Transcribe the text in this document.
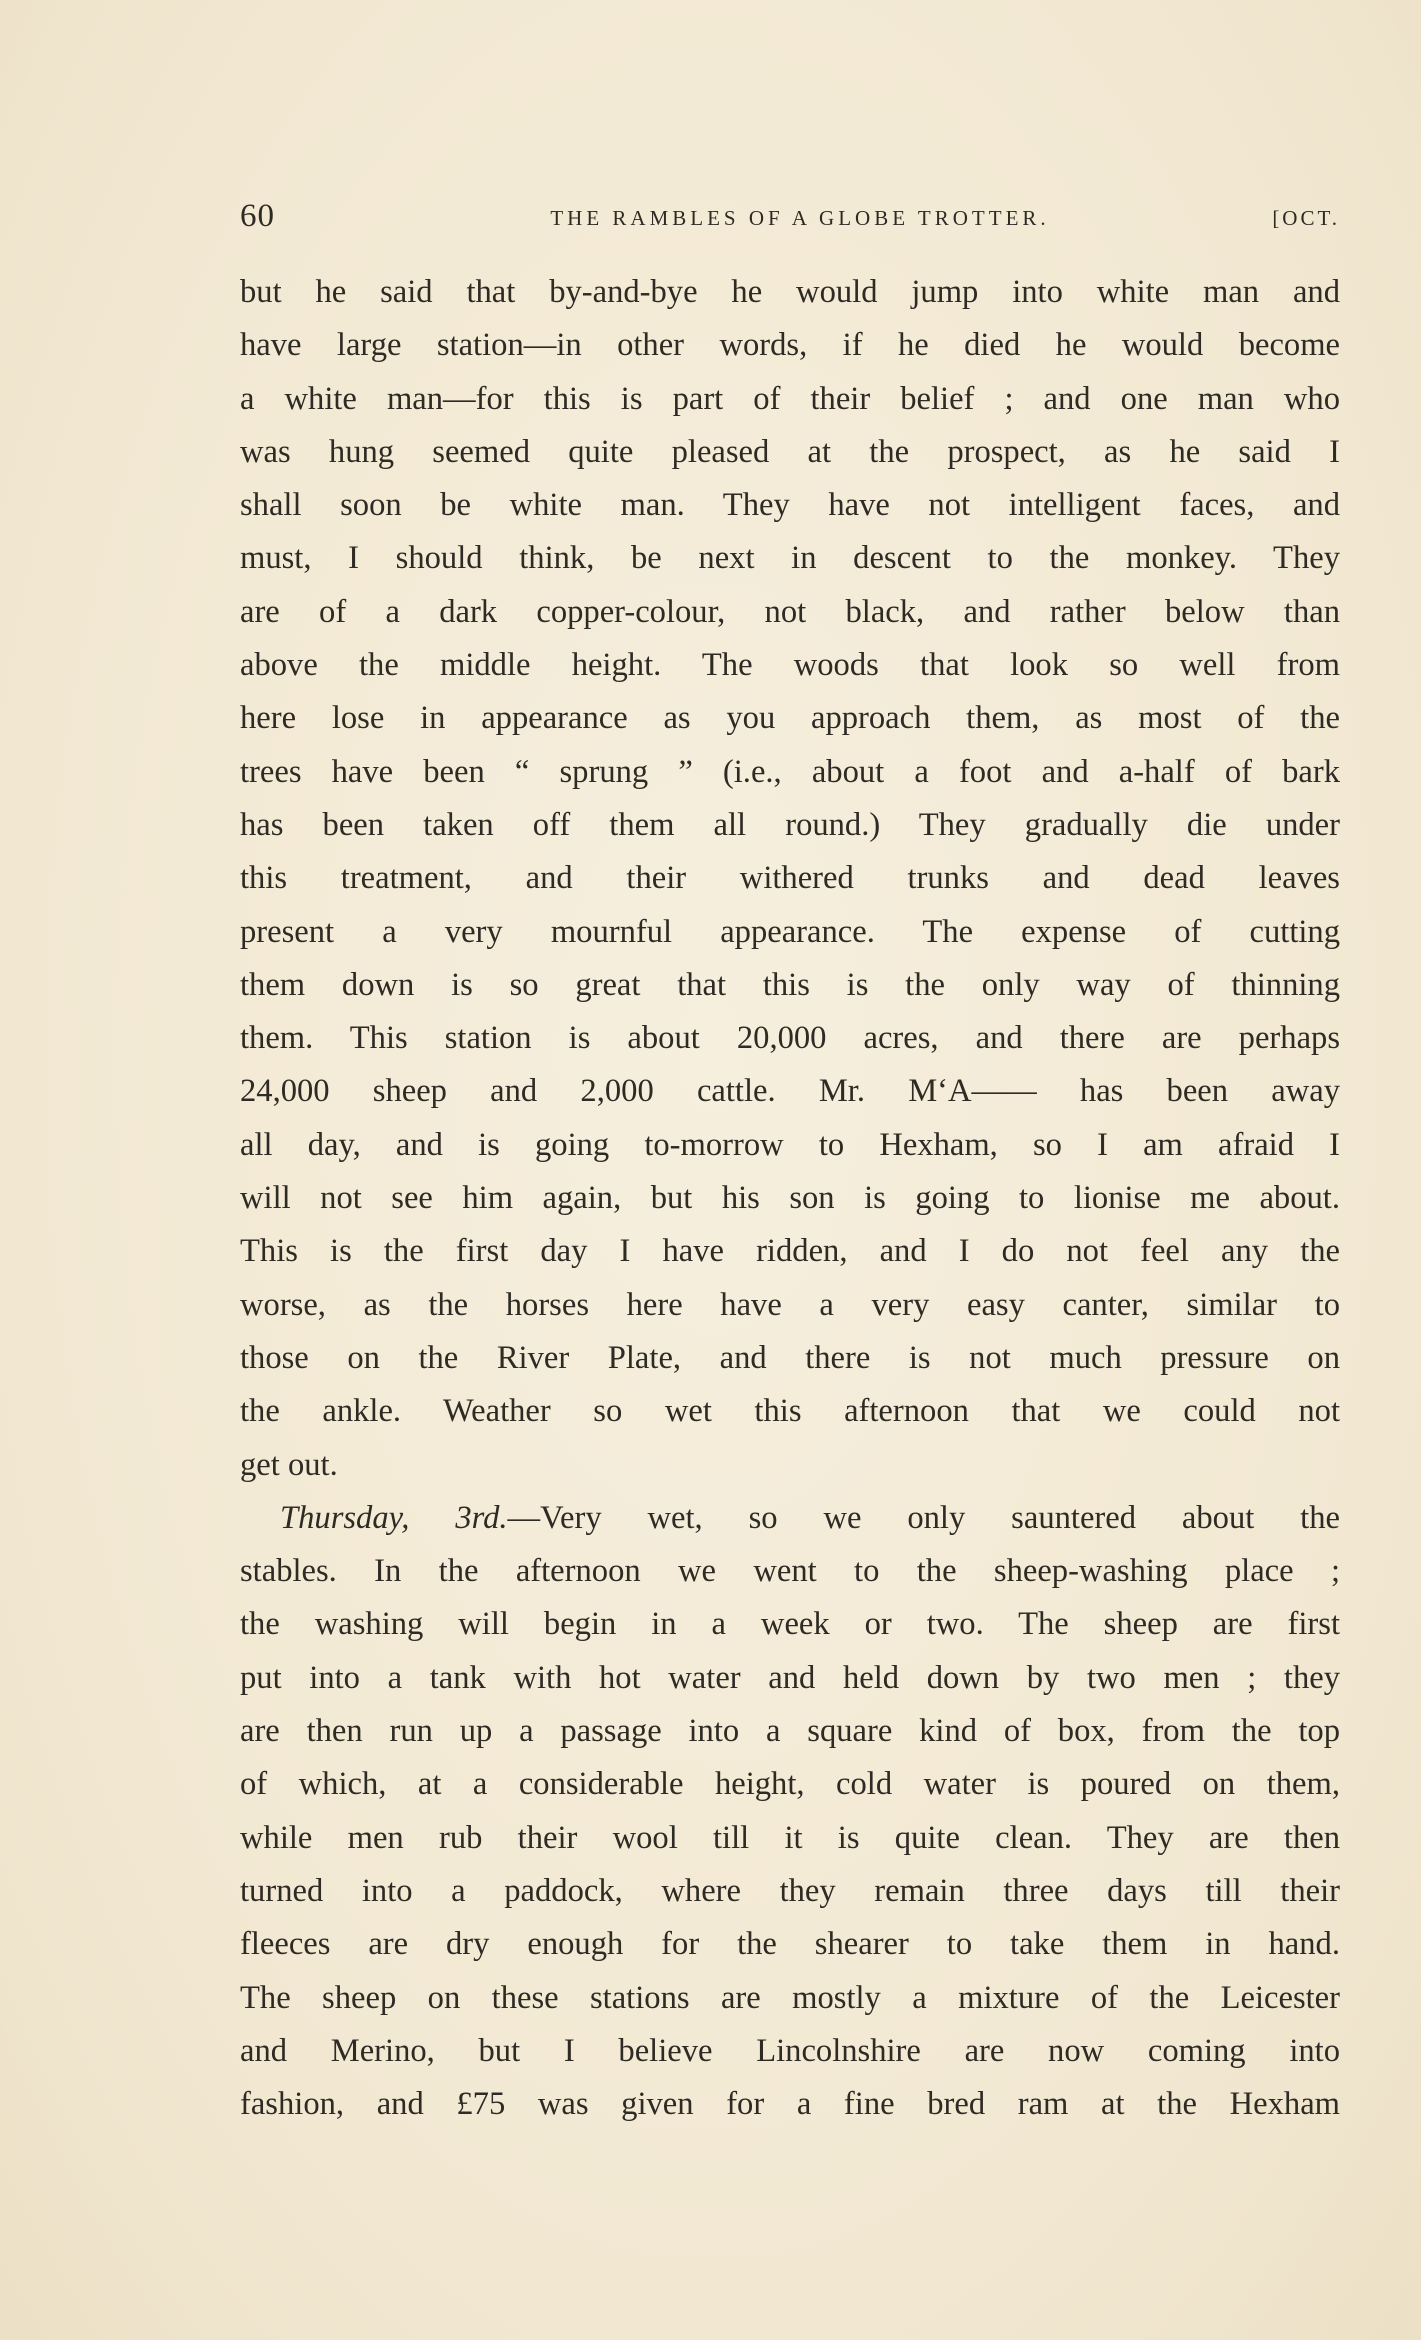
60	THE RAMBLES OF A GLOBE TROTTER.	[OCT.
but he said that by-and-bye he would jump into white man and
have large station—in other words, if he died he would become
a white man—for this is part of their belief ; and one man who
was hung seemed quite pleased at the prospect, as he said I
shall soon be white man. They have not intelligent faces, and
must, I should think, be next in descent to the monkey. They
are of a dark copper-colour, not black, and rather below than
above the middle height. The woods that look so well from
here lose in appearance as you approach them, as most of the
trees have been “ sprung ” (i.e., about a foot and a-half of bark
has been taken off them all round.) They gradually die under
this treatment, and their withered trunks and dead leaves
present a very mournful appearance. The expense of cutting
them down is so great that this is the only way of thinning
them. This station is about 20,000 acres, and there are perhaps
24,000 sheep and 2,000 cattle. Mr. M‘A—— has been away
all day, and is going to-morrow to Hexham, so I am afraid I
will not see him again, but his son is going to lionise me about.
This is the first day I have ridden, and I do not feel any the
worse, as the horses here have a very easy canter, similar to
those on the River Plate, and there is not much pressure on
the ankle. Weather so wet this afternoon that we could not
get out.
Thursday, 3rd.—Very wet, so we only sauntered about the
stables. In the afternoon we went to the sheep-washing place ;
the washing will begin in a week or two. The sheep are first
put into a tank with hot water and held down by two men ; they
are then run up a passage into a square kind of box, from the top
of which, at a considerable height, cold water is poured on them,
while men rub their wool till it is quite clean. They are then
turned into a paddock, where they remain three days till their
fleeces are dry enough for the shearer to take them in hand.
The sheep on these stations are mostly a mixture of the Leicester
and Merino, but I believe Lincolnshire are now coming into
fashion, and £75 was given for a fine bred ram at the Hexham
